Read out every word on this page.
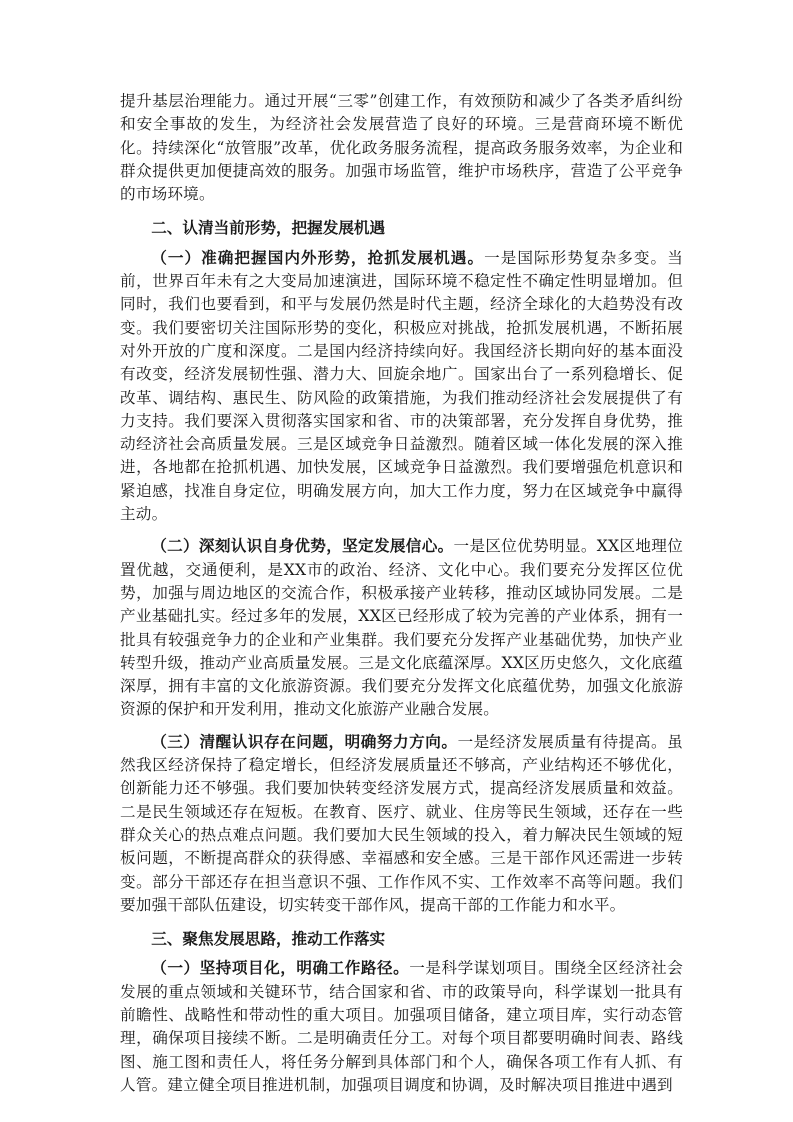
提升基层治理能力。通过开展“三零”创建工作，有效预防和减少了各类矛盾纠纷和安全事故的发生，为经济社会发展营造了良好的环境。三是营商环境不断优化。持续深化“放管服”改革，优化政务服务流程，提高政务服务效率，为企业和群众提供更加便捷高效的服务。加强市场监管，维护市场秩序，营造了公平竞争的市场环境。

二、认清当前形势，把握发展机遇

（一）准确把握国内外形势，抢抓发展机遇。一是国际形势复杂多变。当前，世界百年未有之大变局加速演进，国际环境不稳定性不确定性明显增加。但同时，我们也要看到，和平与发展仍然是时代主题，经济全球化的大趋势没有改变。我们要密切关注国际形势的变化，积极应对挑战，抢抓发展机遇，不断拓展对外开放的广度和深度。二是国内经济持续向好。我国经济长期向好的基本面没有改变，经济发展韧性强、潜力大、回旋余地广。国家出台了一系列稳增长、促改革、调结构、惠民生、防风险的政策措施，为我们推动经济社会发展提供了有力支持。我们要深入贯彻落实国家和省、市的决策部署，充分发挥自身优势，推动经济社会高质量发展。三是区域竞争日益激烈。随着区域一体化发展的深入推进，各地都在抢抓机遇、加快发展，区域竞争日益激烈。我们要增强危机意识和紧迫感，找准自身定位，明确发展方向，加大工作力度，努力在区域竞争中赢得主动。

（二）深刻认识自身优势，坚定发展信心。一是区位优势明显。XX区地理位置优越，交通便利，是XX市的政治、经济、文化中心。我们要充分发挥区位优势，加强与周边地区的交流合作，积极承接产业转移，推动区域协同发展。二是产业基础扎实。经过多年的发展，XX区已经形成了较为完善的产业体系，拥有一批具有较强竞争力的企业和产业集群。我们要充分发挥产业基础优势，加快产业转型升级，推动产业高质量发展。三是文化底蕴深厚。XX区历史悠久，文化底蕴深厚，拥有丰富的文化旅游资源。我们要充分发挥文化底蕴优势，加强文化旅游资源的保护和开发利用，推动文化旅游产业融合发展。

（三）清醒认识存在问题，明确努力方向。一是经济发展质量有待提高。虽然我区经济保持了稳定增长，但经济发展质量还不够高，产业结构还不够优化，创新能力还不够强。我们要加快转变经济发展方式，提高经济发展质量和效益。二是民生领域还存在短板。在教育、医疗、就业、住房等民生领域，还存在一些群众关心的热点难点问题。我们要加大民生领域的投入，着力解决民生领域的短板问题，不断提高群众的获得感、幸福感和安全感。三是干部作风还需进一步转变。部分干部还存在担当意识不强、工作作风不实、工作效率不高等问题。我们要加强干部队伍建设，切实转变干部作风，提高干部的工作能力和水平。

三、聚焦发展思路，推动工作落实

（一）坚持项目化，明确工作路径。一是科学谋划项目。围绕全区经济社会发展的重点领域和关键环节，结合国家和省、市的政策导向，科学谋划一批具有前瞻性、战略性和带动性的重大项目。加强项目储备，建立项目库，实行动态管理，确保项目接续不断。二是明确责任分工。对每个项目都要明确时间表、路线图、施工图和责任人，将任务分解到具体部门和个人，确保各项工作有人抓、有人管。建立健全项目推进机制，加强项目调度和协调，及时解决项目推进中遇到
